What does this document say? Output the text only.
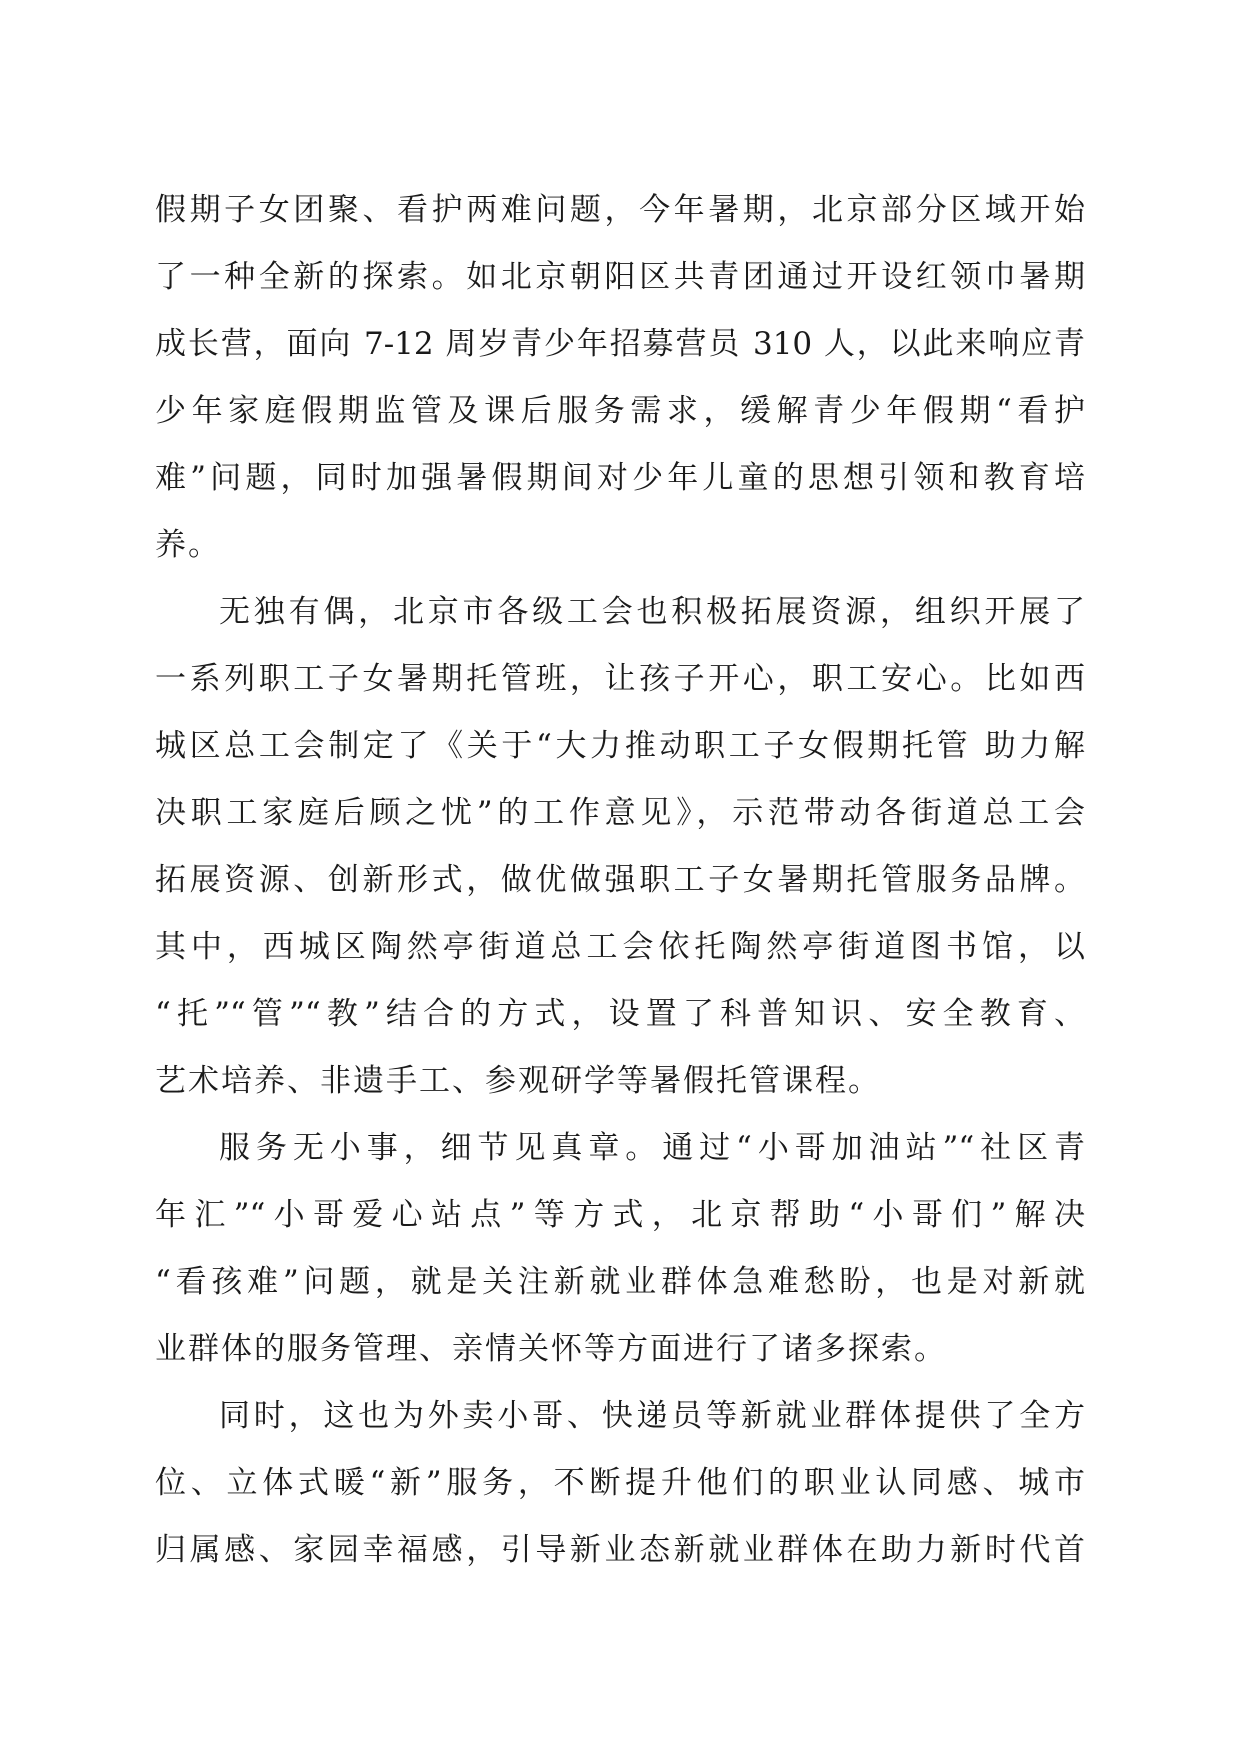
假期子女团聚、看护两难问题，今年暑期，北京部分区域开始
了一种全新的探索。如北京朝阳区共青团通过开设红领巾暑期
成长营，面向 7-12 周岁青少年招募营员 310 人，以此来响应青
少年家庭假期监管及课后服务需求，缓解青少年假期“看护
难”问题，同时加强暑假期间对少年儿童的思想引领和教育培
养。
无独有偶，北京市各级工会也积极拓展资源，组织开展了
一系列职工子女暑期托管班，让孩子开心，职工安心。比如西
城区总工会制定了《关于“大力推动职工子女假期托管 助力解
决职工家庭后顾之忧”的工作意见》，示范带动各街道总工会
拓展资源、创新形式，做优做强职工子女暑期托管服务品牌。
其中，西城区陶然亭街道总工会依托陶然亭街道图书馆，以
“托”“管”“教”结合的方式，设置了科普知识、安全教育、
艺术培养、非遗手工、参观研学等暑假托管课程。
服务无小事，细节见真章。通过“小哥加油站”“社区青
年汇”“小哥爱心站点”等方式，北京帮助“小哥们”解决
“看孩难”问题，就是关注新就业群体急难愁盼，也是对新就
业群体的服务管理、亲情关怀等方面进行了诸多探索。
同时，这也为外卖小哥、快递员等新就业群体提供了全方
位、立体式暖“新”服务，不断提升他们的职业认同感、城市
归属感、家园幸福感，引导新业态新就业群体在助力新时代首
